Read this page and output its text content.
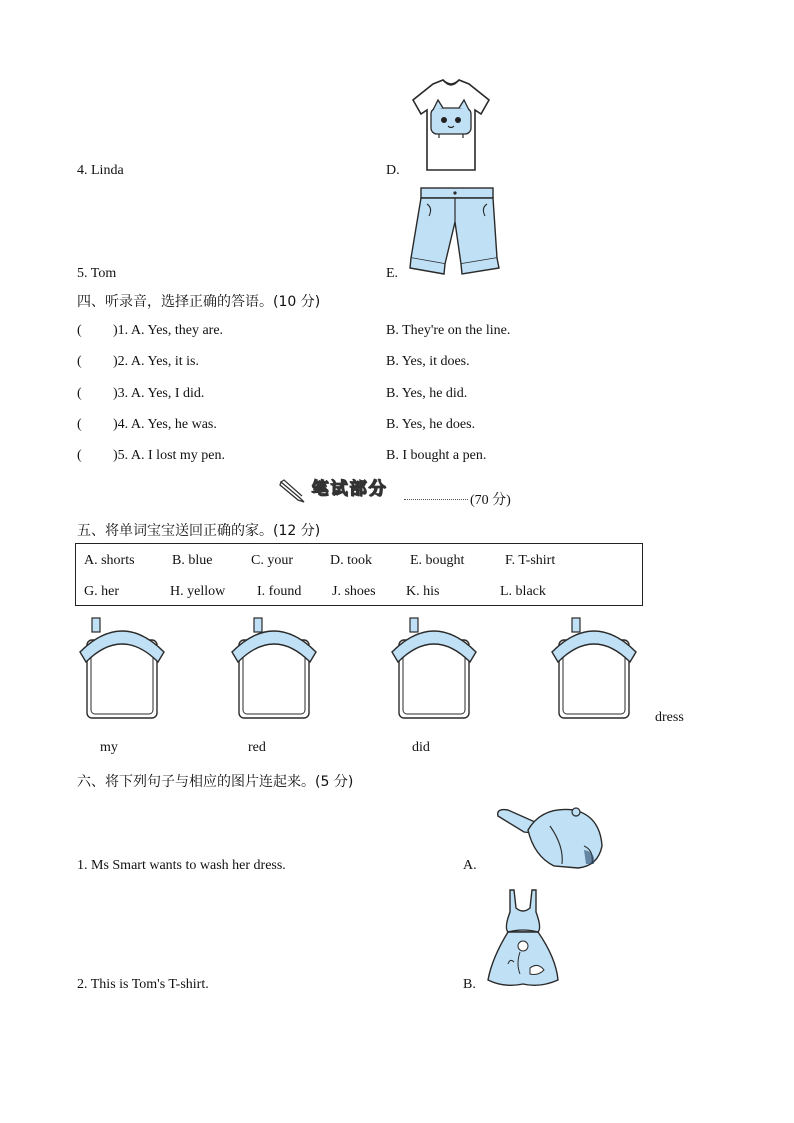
4. Linda	D.
5. Tom	E.
四、听录音，选择正确的答语。(10 分)
( )1. A. Yes, they are.	B. They're on the line.
( )2. A. Yes, it is.	B. Yes, it does.
( )3. A. Yes, I did.	B. Yes, he did.
( )4. A. Yes, he was.	B. Yes, he does.
( )5. A. I lost my pen.	B. I bought a pen.
笔试部分
(70 分)
五、将单词宝宝送回正确的家。(12 分)
A. shorts	B. blue	C. your	D. took	E. bought	F. T-shirt
G. her	H. yellow I. found J. shoes K. his	L. black
my	red	did
dress
六、将下列句子与相应的图片连起来。(5 分)
1. Ms Smart wants to wash her dress.	A.
2. This is Tom's T-shirt.	B.
